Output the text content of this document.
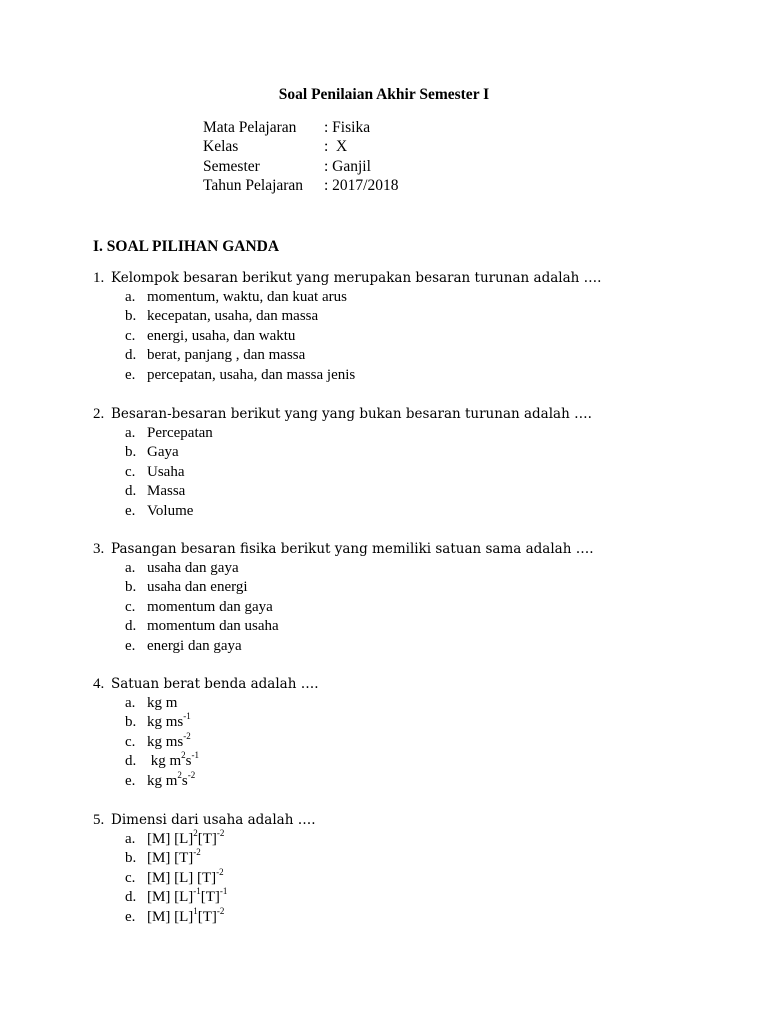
Soal Penilaian Akhir Semester I
Mata Pelajaran : Fisika
Kelas	:  X
Semester	: Ganjil
Tahun Pelajaran : 2017/2018
I. SOAL PILIHAN GANDA
1. Kelompok besaran berikut yang merupakan besaran turunan adalah ….
a. momentum, waktu, dan kuat arus
b. kecepatan, usaha, dan massa
c. energi, usaha, dan waktu
d. berat, panjang , dan massa
e. percepatan, usaha, dan massa jenis
2. Besaran-besaran berikut yang yang bukan besaran turunan adalah ….
a. Percepatan
b. Gaya
c. Usaha
d. Massa
e. Volume
3. Pasangan besaran fisika berikut yang memiliki satuan sama adalah ….
a. usaha dan gaya
b. usaha dan energi
c. momentum dan gaya
d. momentum dan usaha
e. energi dan gaya
4. Satuan berat benda adalah ….
a. kg m
b. kg $ms^{-1}$
c. kg $ms^{-2}$
d. kg $m^2s^{-1}$
e. kg $m^2s^{-2}$
5. Dimensi dari usaha adalah ….
a. [M] $[L]^2[T]^{-2}$
b. [M] $[T]^{-2}$
c. [M] [L] $[T]^{-2}$
d. [M] $[L]^{-1}[T]^{-1}$
e. [M] $[L]^1[T]^{-2}$
